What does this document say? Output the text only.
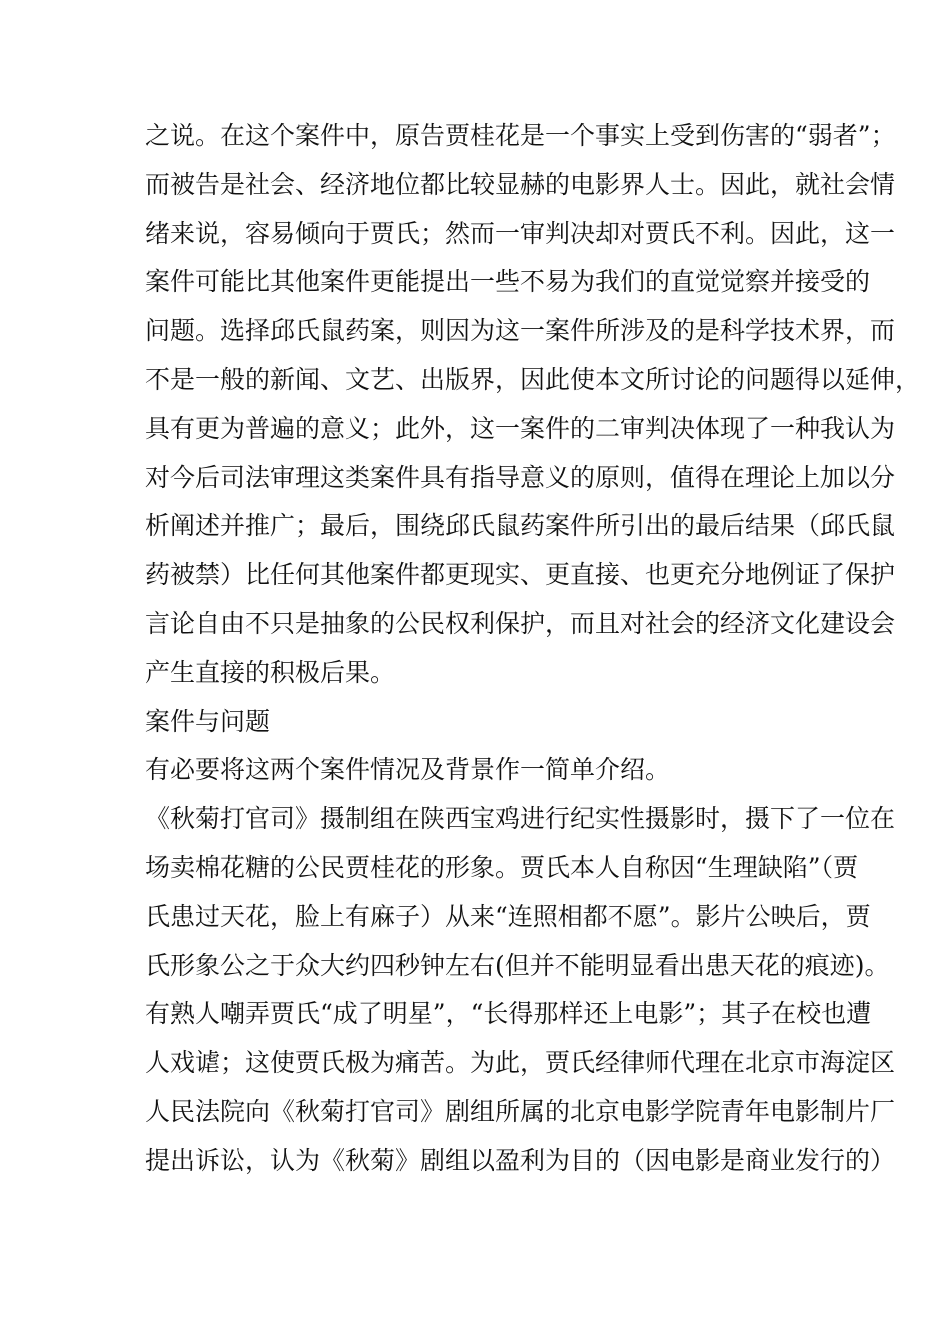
之说。在这个案件中，原告贾桂花是一个事实上受到伤害的“弱者”；
而被告是社会、经济地位都比较显赫的电影界人士。因此，就社会情
绪来说，容易倾向于贾氏；然而一审判决却对贾氏不利。因此，这一
案件可能比其他案件更能提出一些不易为我们的直觉觉察并接受的
问题。选择邱氏鼠药案，则因为这一案件所涉及的是科学技术界，而
不是一般的新闻、文艺、出版界，因此使本文所讨论的问题得以延伸，
具有更为普遍的意义；此外，这一案件的二审判决体现了一种我认为
对今后司法审理这类案件具有指导意义的原则，值得在理论上加以分
析阐述并推广；最后，围绕邱氏鼠药案件所引出的最后结果（邱氏鼠
药被禁）比任何其他案件都更现实、更直接、也更充分地例证了保护
言论自由不只是抽象的公民权利保护，而且对社会的经济文化建设会
产生直接的积极后果。
案件与问题
有必要将这两个案件情况及背景作一简单介绍。
《秋菊打官司》摄制组在陕西宝鸡进行纪实性摄影时，摄下了一位在
场卖棉花糖的公民贾桂花的形象。贾氏本人自称因“生理缺陷”（贾
氏患过天花，脸上有麻子）从来“连照相都不愿”。影片公映后，贾
氏形象公之于众大约四秒钟左右(但并不能明显看出患天花的痕迹)。
有熟人嘲弄贾氏“成了明星”，“长得那样还上电影”；其子在校也遭
人戏谑；这使贾氏极为痛苦。为此，贾氏经律师代理在北京市海淀区
人民法院向《秋菊打官司》剧组所属的北京电影学院青年电影制片厂
提出诉讼，认为《秋菊》剧组以盈利为目的（因电影是商业发行的）
